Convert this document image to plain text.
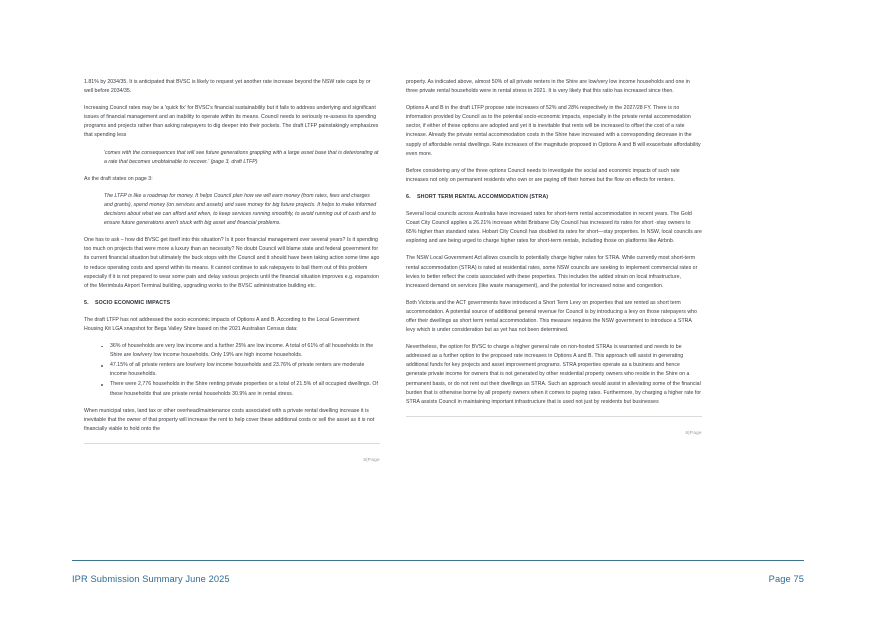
1.81% by 2034/35. It is anticipated that BVSC is likely to request yet another rate increase beyond the NSW rate caps by or well before 2034/35.

Increasing Council rates may be a 'quick fix' for BVSC's financial sustainability but it fails to address underlying and significant issues of financial management and an inability to operate within its means. Council needs to seriously re-assess its spending programs and projects rather than asking ratepayers to dig deeper into their pockets. The draft LTFP painstakingly emphasizes that spending less

'comes with the consequences that will see future generations grappling with a large asset base that is deteriorating at a rate that becomes unobtainable to recover.' (page 3, draft LTFP)

As the draft states on page 3:

The LTFP is like a roadmap for money. It helps Council plan how we will earn money (from rates, fees and charges and grants), spend money (on services and assets) and save money for big future projects. It helps to make informed decisions about what we can afford and when, to keep services running smoothly, to avoid running out of cash and to ensure future generations aren't stuck with big asset and financial problems.

One has to ask – how did BVSC get itself into this situation? Is it poor financial management over several years? Is it spending too much on projects that were more a luxury than an necessity? No doubt Council will blame state and federal government for its current financial situation but ultimately the buck stops with the Council and it should have been taking action some time ago to reduce operating costs and spend within its means. It cannot continue to ask ratepayers to bail them out of this problem especially if it is not prepared to wear some pain and delay various projects until the financial situation improves e.g. expansion of the Merimbula Airport Terminal building, upgrading works to the BVSC administration building etc.

5. SOCIO ECONOMIC IMPACTS

The draft LTFP has not addressed the socio economic impacts of Options A and B. According to the Local Government Housing Kit LGA snapshot for Bega Valley Shire based on the 2021 Australian Census data:

36% of households are very low income and a further 25% are low income. A total of 61% of all households in the Shire are low/very low income households. Only 19% are high income households.
47.15% of all private renters are low/very low income households and 23.76% of private renters are moderate income households.
There were 2,776 households in the Shire renting private properties or a total of 21.5% of all occupied dwellings. Of these households that are private rental households 30.9% are in rental stress.

When municipal rates, land tax or other overhead/maintenance costs associated with a private rental dwelling increase it is inevitable that the owner of that property will increase the rent to help cover these additional costs or sell the asset as it is not financially viable to hold onto the

5|Page

property. As indicated above, almost 50% of all private renters in the Shire are low/very low income households and one in three private rental households were in rental stress in 2021. It is very likely that this ratio has increased since then.

Options A and B in the draft LTFP propose rate increases of 52% and 28% respectively in the 2027/28 FY. There is no information provided by Council as to the potential socio-economic impacts, especially in the private rental accommodation sector, if either of these options are adopted and yet it is inevitable that rents will be increased to offset the cost of a rate increase. Already the private rental accommodation costs in the Shire have increased with a corresponding decrease in the supply of affordable rental dwellings. Rate increases of the magnitude proposed in Options A and B will exacerbate affordability even more.

Before considering any of the three options Council needs to investigate the social and economic impacts of such rate increases not only on permanent residents who own or are paying off their homes but the flow on effects for renters.

6. SHORT TERM RENTAL ACCOMMODATION (STRA)

Several local councils across Australia have increased rates for short-term rental accommodation in recent years. The Gold Coast City Council applies a 26.21% increase whilst Brisbane City Council has increased its rates for short -stay owners to 65% higher than standard rates. Hobart City Council has doubled its rates for short—stay properties. In NSW, local councils are exploring and are being urged to charge higher rates for short-term rentals, including those on platforms like Airbnb.

The NSW Local Government Act allows councils to potentially charge higher rates for STRA. While currently most short-term rental accommodation (STRA) is rated at residential rates, some NSW councils are seeking to implement commercial rates or levies to better reflect the costs associated with these properties. This includes the added strain on local infrastructure, increased demand on services (like waste management), and the potential for increased noise and congestion.

Both Victoria and the ACT governments have introduced a Short Term Levy on properties that are rented as short term accommodation. A potential source of additional general revenue for Council is by introducing a levy on those ratepayers who offer their dwellings as short term rental accommodation. This measure requires the NSW government to introduce a STRA levy which is under consideration but as yet has not been determined.

Nevertheless, the option for BVSC to charge a higher general rate on non-hosted STRAs is warranted and needs to be addressed as a further option to the proposed rate increases in Options A and B. This approach will assist in generating additional funds for key projects and asset improvement programs. STRA properties operate as a business and hence generate private income for owners that is not generated by other residential property owners who reside in the Shire on a permanent basis, or do not rent out their dwellings as STRA. Such an approach would assist in alleviating some of the financial burden that is otherwise borne by all property owners when it comes to paying rates. Furthermore, by charging a higher rate for STRA assists Council in maintaining important infrastructure that is used not just by residents but businesses

6|Page
IPR Submission Summary June 2025	Page 75
